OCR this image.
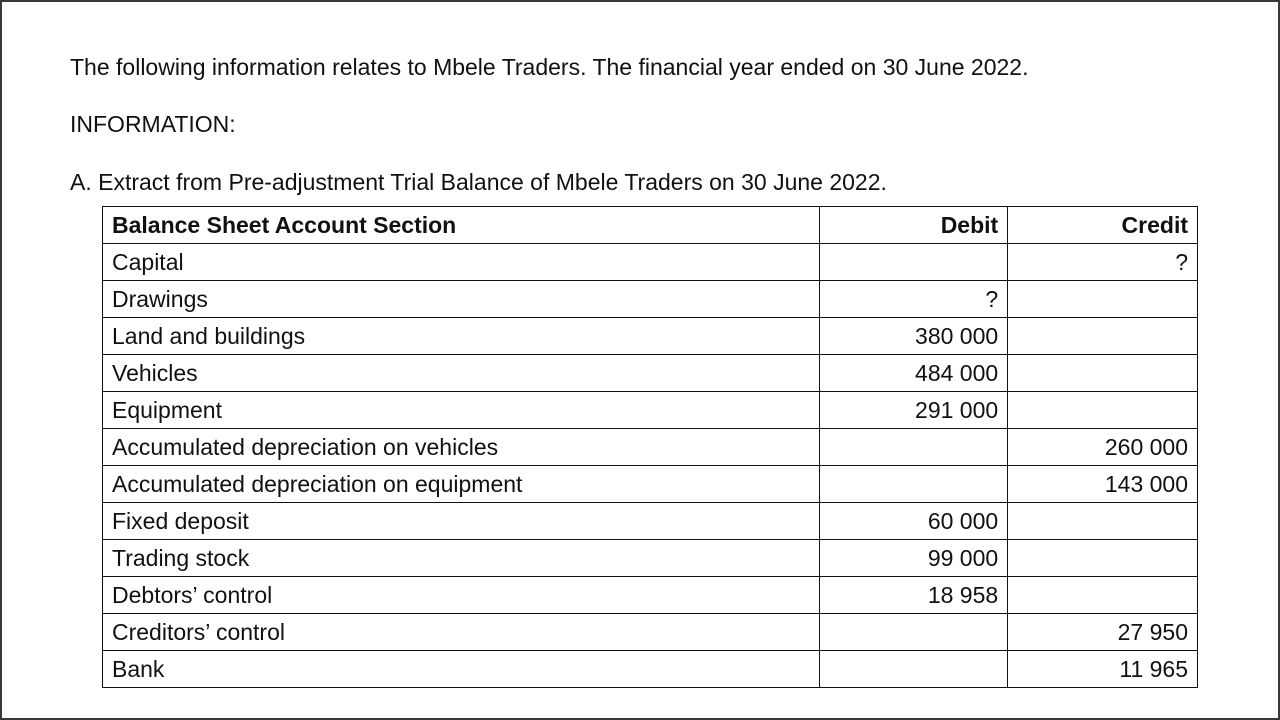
The following information relates to Mbele Traders. The financial year ended on 30 June 2022.
INFORMATION:
A. Extract from Pre-adjustment Trial Balance of Mbele Traders on 30 June 2022.
Balance Sheet Account Section	Debit	Credit
Capital		?
Drawings	?	
Land and buildings	380 000	
Vehicles	484 000	
Equipment	291 000	
Accumulated depreciation on vehicles		260 000
Accumulated depreciation on equipment		143 000
Fixed deposit	60 000	
Trading stock	99 000	
Debtors’ control	18 958	
Creditors’ control		27 950
Bank		11 965
